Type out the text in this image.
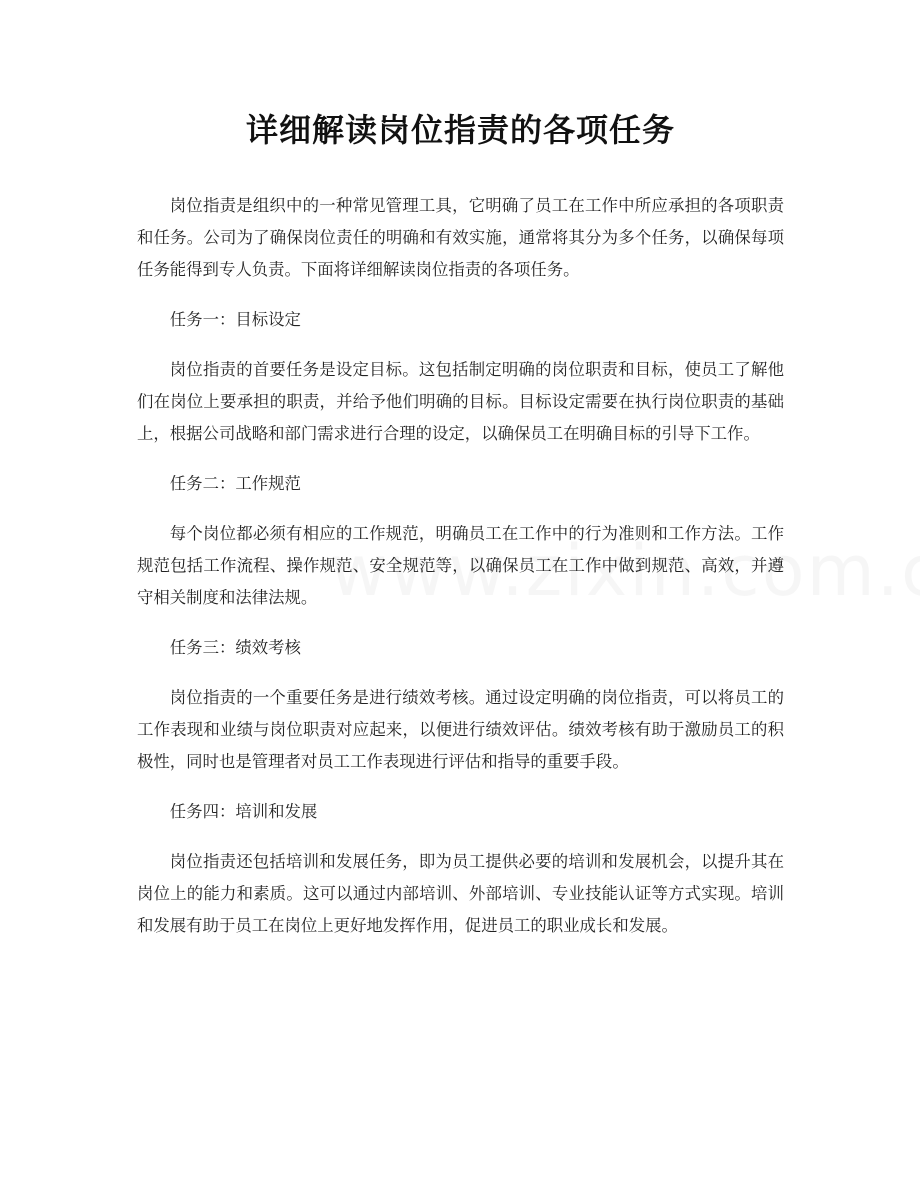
详细解读岗位指责的各项任务

岗位指责是组织中的一种常见管理工具，它明确了员工在工作中所应承担的各项职责和任务。公司为了确保岗位责任的明确和有效实施，通常将其分为多个任务，以确保每项任务能得到专人负责。下面将详细解读岗位指责的各项任务。

任务一：目标设定

岗位指责的首要任务是设定目标。这包括制定明确的岗位职责和目标，使员工了解他们在岗位上要承担的职责，并给予他们明确的目标。目标设定需要在执行岗位职责的基础上，根据公司战略和部门需求进行合理的设定，以确保员工在明确目标的引导下工作。

任务二：工作规范

每个岗位都必须有相应的工作规范，明确员工在工作中的行为准则和工作方法。工作规范包括工作流程、操作规范、安全规范等，以确保员工在工作中做到规范、高效，并遵守相关制度和法律法规。

任务三：绩效考核

岗位指责的一个重要任务是进行绩效考核。通过设定明确的岗位指责，可以将员工的工作表现和业绩与岗位职责对应起来，以便进行绩效评估。绩效考核有助于激励员工的积极性，同时也是管理者对员工工作表现进行评估和指导的重要手段。

任务四：培训和发展

岗位指责还包括培训和发展任务，即为员工提供必要的培训和发展机会，以提升其在岗位上的能力和素质。这可以通过内部培训、外部培训、专业技能认证等方式实现。培训和发展有助于员工在岗位上更好地发挥作用，促进员工的职业成长和发展。
